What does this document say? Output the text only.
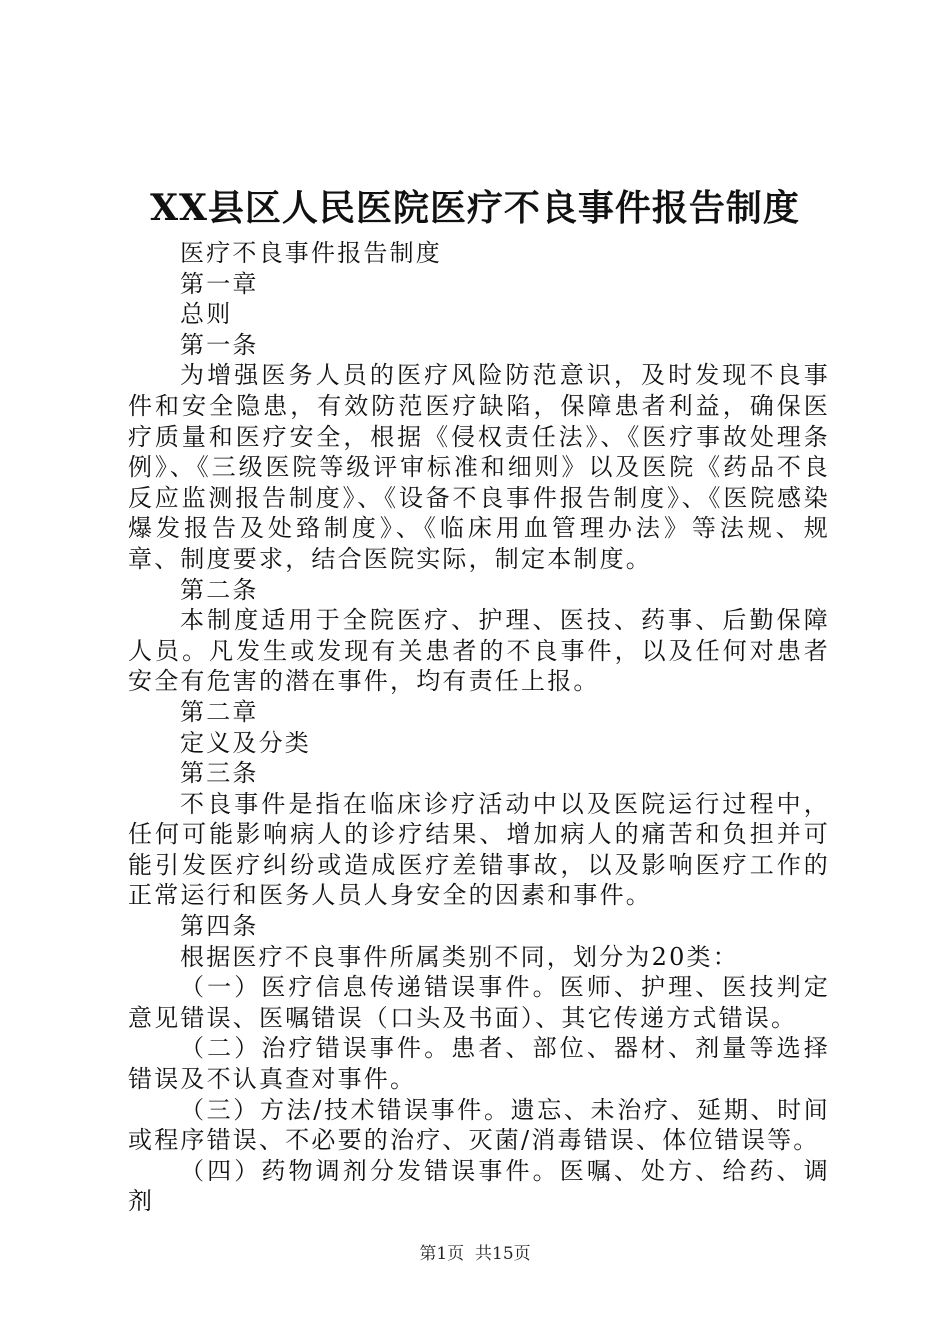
XX县区人民医院医疗不良事件报告制度

医疗不良事件报告制度

第一章

总则

第一条

为增强医务人员的医疗风险防范意识，及时发现不良事件和安全隐患，有效防范医疗缺陷，保障患者利益，确保医疗质量和医疗安全，根据《侵权责任法》、《医疗事故处理条例》、《三级医院等级评审标准和细则》以及医院《药品不良反应监测报告制度》、《设备不良事件报告制度》、《医院感染爆发报告及处臵制度》、《临床用血管理办法》等法规、规章、制度要求，结合医院实际，制定本制度。

第二条

本制度适用于全院医疗、护理、医技、药事、后勤保障人员。凡发生或发现有关患者的不良事件，以及任何对患者安全有危害的潜在事件，均有责任上报。

第二章

定义及分类

第三条

不良事件是指在临床诊疗活动中以及医院运行过程中，任何可能影响病人的诊疗结果、增加病人的痛苦和负担并可能引发医疗纠纷或造成医疗差错事故，以及影响医疗工作的正常运行和医务人员人身安全的因素和事件。

第四条

根据医疗不良事件所属类别不同，划分为20类：

（一）医疗信息传递错误事件。医师、护理、医技判定意见错误、医嘱错误（口头及书面）、其它传递方式错误。

（二）治疗错误事件。患者、部位、器材、剂量等选择错误及不认真查对事件。

（三）方法/技术错误事件。遗忘、未治疗、延期、时间或程序错误、不必要的治疗、灭菌/消毒错误、体位错误等。

（四）药物调剂分发错误事件。医嘱、处方、给药、调剂

第1页 共15页
